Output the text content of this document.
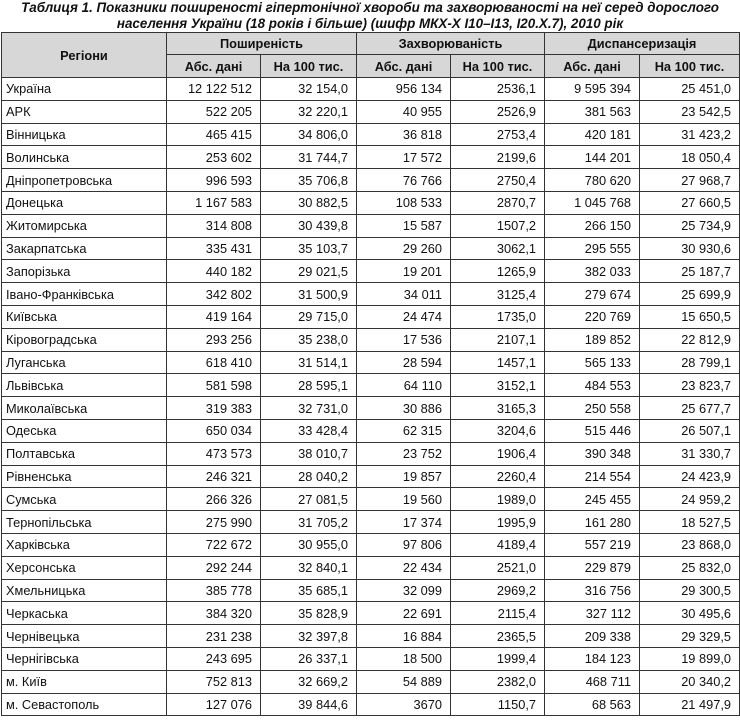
Таблиця 1. Показники поширеності гіпертонічної хвороби та захворюваності на неї серед дорослого населення України (18 років і більше) (шифр МКХ-Х І10–І13, І20.Х.7), 2010 рік
Регіони	Поширеність		Захворюваність		Диспансеризація	
	Абс. дані	На 100 тис.	Абс. дані	На 100 тис.	Абс. дані	На 100 тис.
Україна	12 122 512	32 154,0	956 134	2536,1	9 595 394	25 451,0
АРК	522 205	32 220,1	40 955	2526,9	381 563	23 542,5
Вінницька	465 415	34 806,0	36 818	2753,4	420 181	31 423,2
Волинська	253 602	31 744,7	17 572	2199,6	144 201	18 050,4
Дніпропетровська	996 593	35 706,8	76 766	2750,4	780 620	27 968,7
Донецька	1 167 583	30 882,5	108 533	2870,7	1 045 768	27 660,5
Житомирська	314 808	30 439,8	15 587	1507,2	266 150	25 734,9
Закарпатська	335 431	35 103,7	29 260	3062,1	295 555	30 930,6
Запорізька	440 182	29 021,5	19 201	1265,9	382 033	25 187,7
Івано-Франківська	342 802	31 500,9	34 011	3125,4	279 674	25 699,9
Київська	419 164	29 715,0	24 474	1735,0	220 769	15 650,5
Кіровоградська	293 256	35 238,0	17 536	2107,1	189 852	22 812,9
Луганська	618 410	31 514,1	28 594	1457,1	565 133	28 799,1
Львівська	581 598	28 595,1	64 110	3152,1	484 553	23 823,7
Миколаївська	319 383	32 731,0	30 886	3165,3	250 558	25 677,7
Одеська	650 034	33 428,4	62 315	3204,6	515 446	26 507,1
Полтавська	473 573	38 010,7	23 752	1906,4	390 348	31 330,7
Рівненська	246 321	28 040,2	19 857	2260,4	214 554	24 423,9
Сумська	266 326	27 081,5	19 560	1989,0	245 455	24 959,2
Тернопільська	275 990	31 705,2	17 374	1995,9	161 280	18 527,5
Харківська	722 672	30 955,0	97 806	4189,4	557 219	23 868,0
Херсонська	292 244	32 840,1	22 434	2521,0	229 879	25 832,0
Хмельницька	385 778	35 685,1	32 099	2969,2	316 756	29 300,5
Черкаська	384 320	35 828,9	22 691	2115,4	327 112	30 495,6
Чернівецька	231 238	32 397,8	16 884	2365,5	209 338	29 329,5
Чернігівська	243 695	26 337,1	18 500	1999,4	184 123	19 899,0
м. Київ	752 813	32 669,2	54 889	2382,0	468 711	20 340,2
м. Севастополь	127 076	39 844,6	3670	1150,7	68 563	21 497,9
